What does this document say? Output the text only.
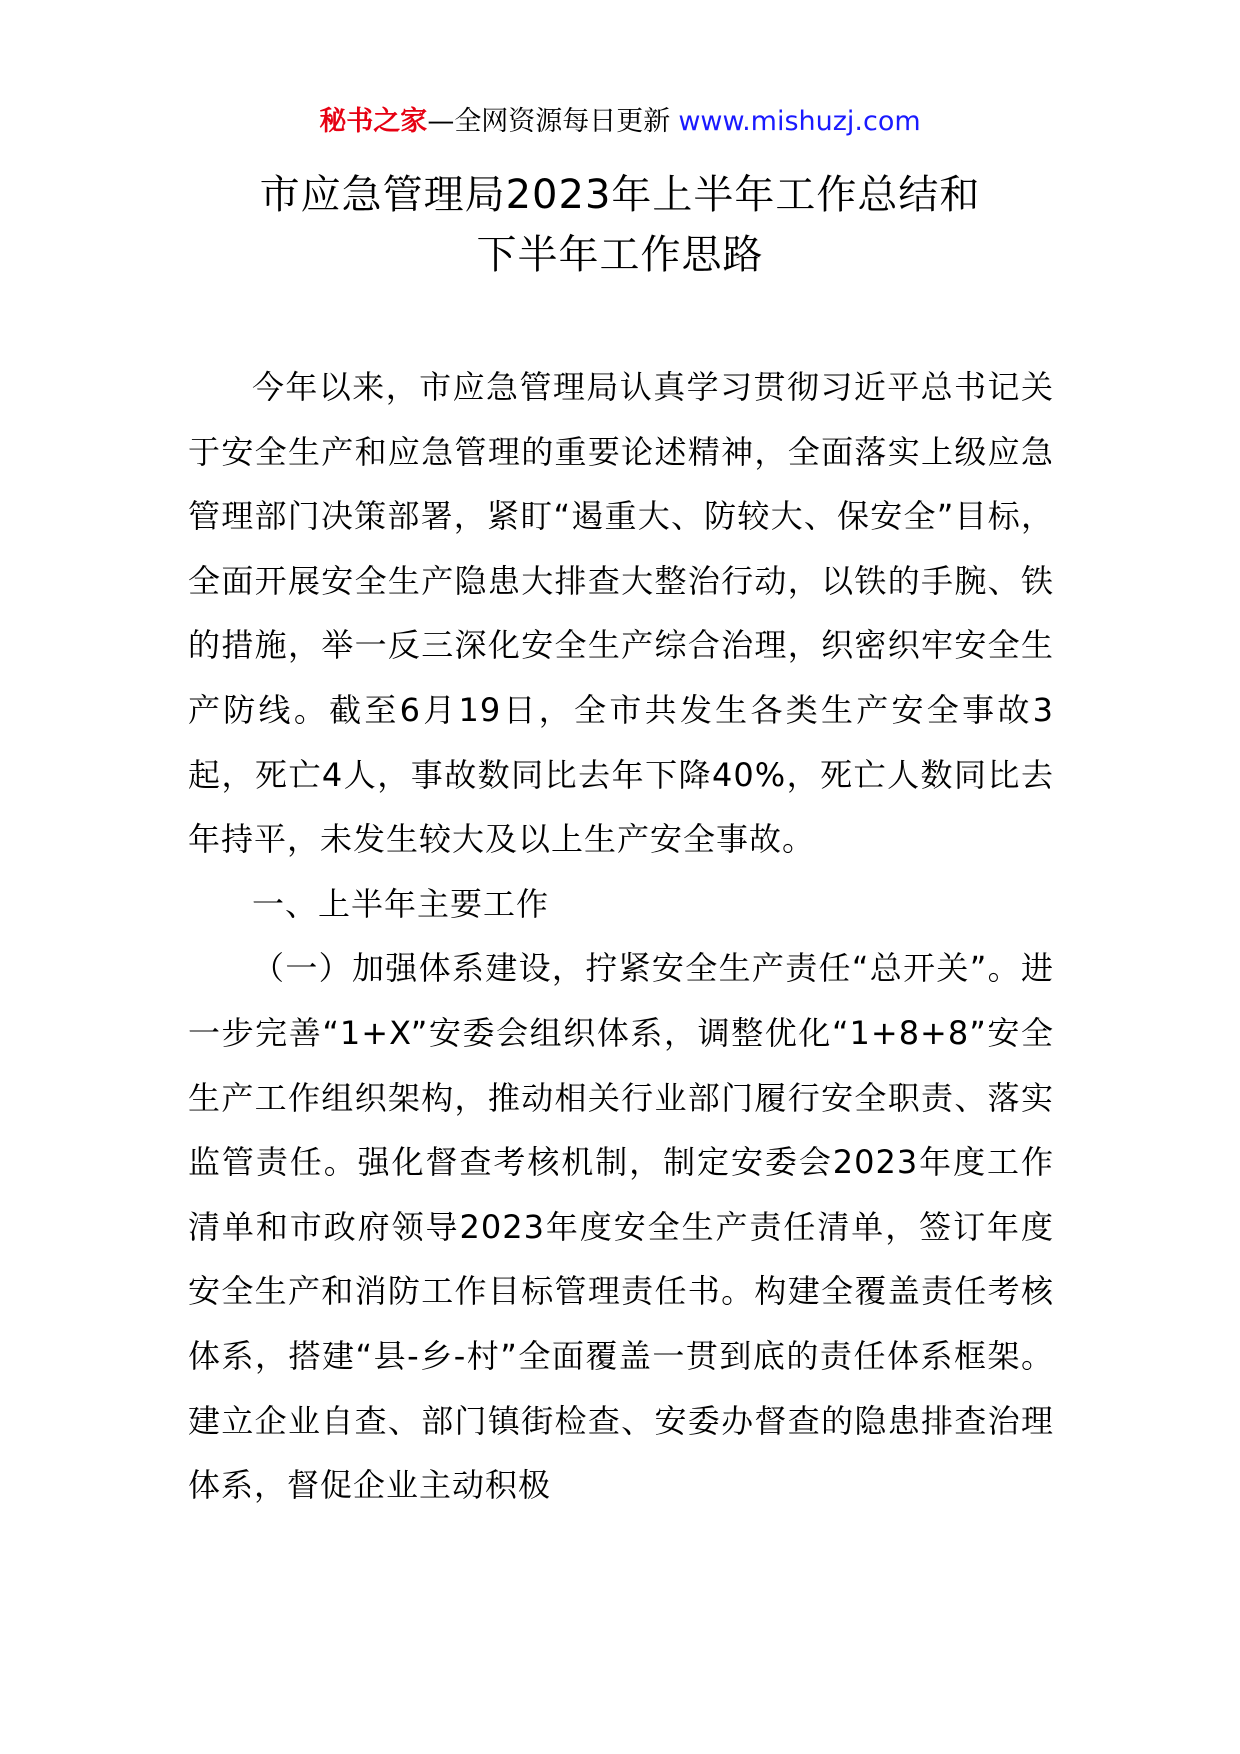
秘书之家—全网资源每日更新 www.mishuzj.com
市应急管理局2023年上半年工作总结和
下半年工作思路

今年以来，市应急管理局认真学习贯彻习近平总书记关于安全生产和应急管理的重要论述精神，全面落实上级应急管理部门决策部署，紧盯“遏重大、防较大、保安全”目标，全面开展安全生产隐患大排查大整治行动，以铁的手腕、铁的措施，举一反三深化安全生产综合治理，织密织牢安全生产防线。截至6月19日，全市共发生各类生产安全事故3起，死亡4人，事故数同比去年下降40%，死亡人数同比去年持平，未发生较大及以上生产安全事故。

一、上半年主要工作

（一）加强体系建设，拧紧安全生产责任“总开关”。进一步完善“1+X”安委会组织体系，调整优化“1+8+8”安全生产工作组织架构，推动相关行业部门履行安全职责、落实监管责任。强化督查考核机制，制定安委会2023年度工作清单和市政府领导2023年度安全生产责任清单，签订年度安全生产和消防工作目标管理责任书。构建全覆盖责任考核体系，搭建“县-乡-村”全面覆盖一贯到底的责任体系框架。建立企业自查、部门镇街检查、安委办督查的隐患排查治理体系，督促企业主动积极
